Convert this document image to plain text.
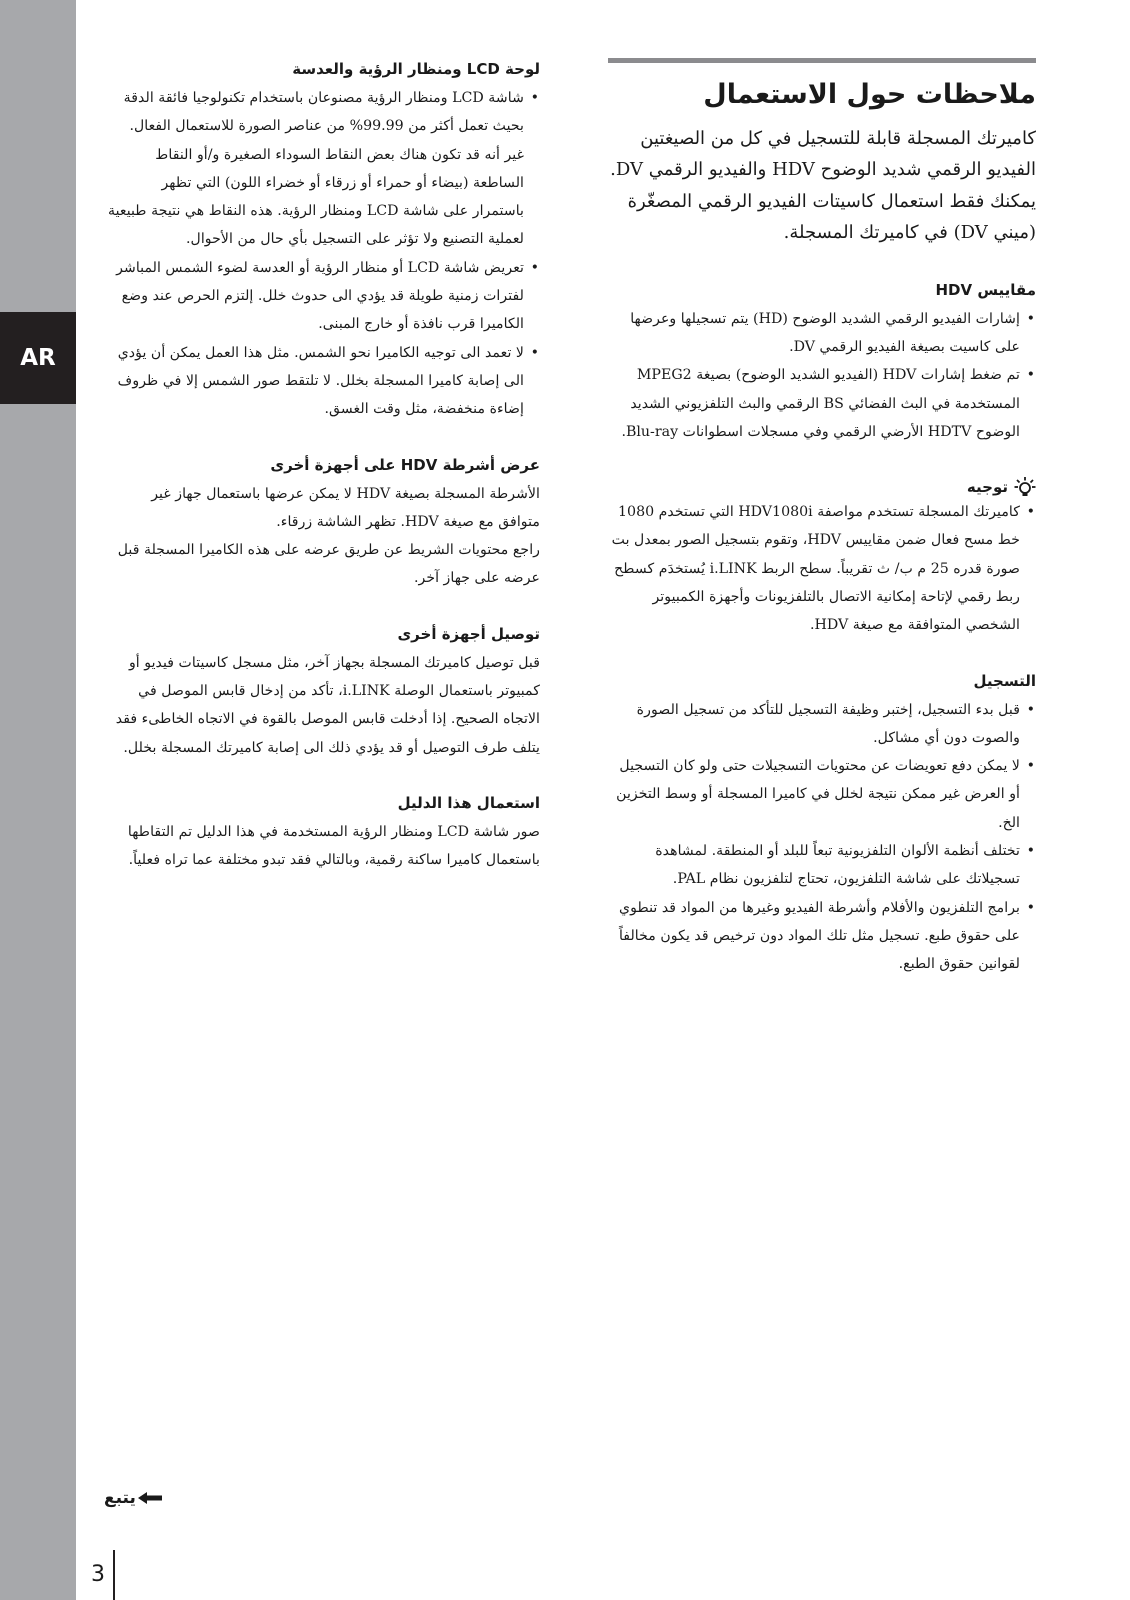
AR
ملاحظات حول الاستعمال

كاميرتك المسجلة قابلة للتسجيل في كل من الصيغتين الفيديو الرقمي شديد الوضوح HDV والفيديو الرقمي DV. يمكنك فقط استعمال كاسيتات الفيديو الرقمي المصغّرة (ميني DV) في كاميرتك المسجلة.

مقاييس HDV
• إشارات الفيديو الرقمي الشديد الوضوح (HD) يتم تسجيلها وعرضها على كاسيت بصيغة الفيديو الرقمي DV.
• تم ضغط إشارات HDV (الفيديو الشديد الوضوح) بصيغة MPEG2 المستخدمة في البث الفضائي BS الرقمي والبث التلفزيوني الشديد الوضوح HDTV الأرضي الرقمي وفي مسجلات اسطوانات Blu-ray.
توجيه
• كاميرتك المسجلة تستخدم مواصفة HDV1080i التي تستخدم 1080 خط مسح فعال ضمن مقاييس HDV، وتقوم بتسجيل الصور بمعدل بت صورة قدره 25 م ب/ ث تقريباً. سطح الربط i.LINK يُستخدَم كسطح ربط رقمي لإتاحة إمكانية الاتصال بالتلفزيونات وأجهزة الكمبيوتر الشخصي المتوافقة مع صيغة HDV.
التسجيل
• قبل بدء التسجيل، إختبر وظيفة التسجيل للتأكد من تسجيل الصورة والصوت دون أي مشاكل.
• لا يمكن دفع تعويضات عن محتويات التسجيلات حتى ولو كان التسجيل أو العرض غير ممكن نتيجة لخلل في كاميرا المسجلة أو وسط التخزين الخ.
• تختلف أنظمة الألوان التلفزيونية تبعاً للبلد أو المنطقة. لمشاهدة تسجيلاتك على شاشة التلفزيون، تحتاج لتلفزيون نظام PAL.
• برامج التلفزيون والأفلام وأشرطة الفيديو وغيرها من المواد قد تنطوي على حقوق طبع. تسجيل مثل تلك المواد دون ترخيص قد يكون مخالفاً لقوانين حقوق الطبع.
لوحة LCD ومنظار الرؤية والعدسة
• شاشة LCD ومنظار الرؤية مصنوعان باستخدام تكنولوجيا فائقة الدقة بحيث تعمل أكثر من 99.99% من عناصر الصورة للاستعمال الفعال.
غير أنه قد تكون هناك بعض النقاط السوداء الصغيرة و/أو النقاط الساطعة (بيضاء أو حمراء أو زرقاء أو خضراء اللون) التي تظهر باستمرار على شاشة LCD ومنظار الرؤية. هذه النقاط هي نتيجة طبيعية لعملية التصنيع ولا تؤثر على التسجيل بأي حال من الأحوال.
• تعريض شاشة LCD أو منظار الرؤية أو العدسة لضوء الشمس المباشر لفترات زمنية طويلة قد يؤدي الى حدوث خلل. إلتزم الحرص عند وضع الكاميرا قرب نافذة أو خارج المبنى.
• لا تعمد الى توجيه الكاميرا نحو الشمس. مثل هذا العمل يمكن أن يؤدي الى إصابة كاميرا المسجلة بخلل. لا تلتقط صور الشمس إلا في ظروف إضاءة منخفضة، مثل وقت الغسق.
عرض أشرطة HDV على أجهزة أخرى

الأشرطة المسجلة بصيغة HDV لا يمكن عرضها باستعمال جهاز غير متوافق مع صيغة HDV. تظهر الشاشة زرقاء.

راجع محتويات الشريط عن طريق عرضه على هذه الكاميرا المسجلة قبل عرضه على جهاز آخر.

توصيل أجهزة أخرى

قبل توصيل كاميرتك المسجلة بجهاز آخر، مثل مسجل كاسيتات فيديو أو كمبيوتر باستعمال الوصلة i.LINK، تأكد من إدخال قابس الموصل في الاتجاه الصحيح. إذا أدخلت قابس الموصل بالقوة في الاتجاه الخاطىء فقد يتلف طرف التوصيل أو قد يؤدي ذلك الى إصابة كاميرتك المسجلة بخلل.

استعمال هذا الدليل

صور شاشة LCD ومنظار الرؤية المستخدمة في هذا الدليل تم التقاطها باستعمال كاميرا ساكنة رقمية، وبالتالي فقد تبدو مختلفة عما تراه فعلياً.

يتبع
3
